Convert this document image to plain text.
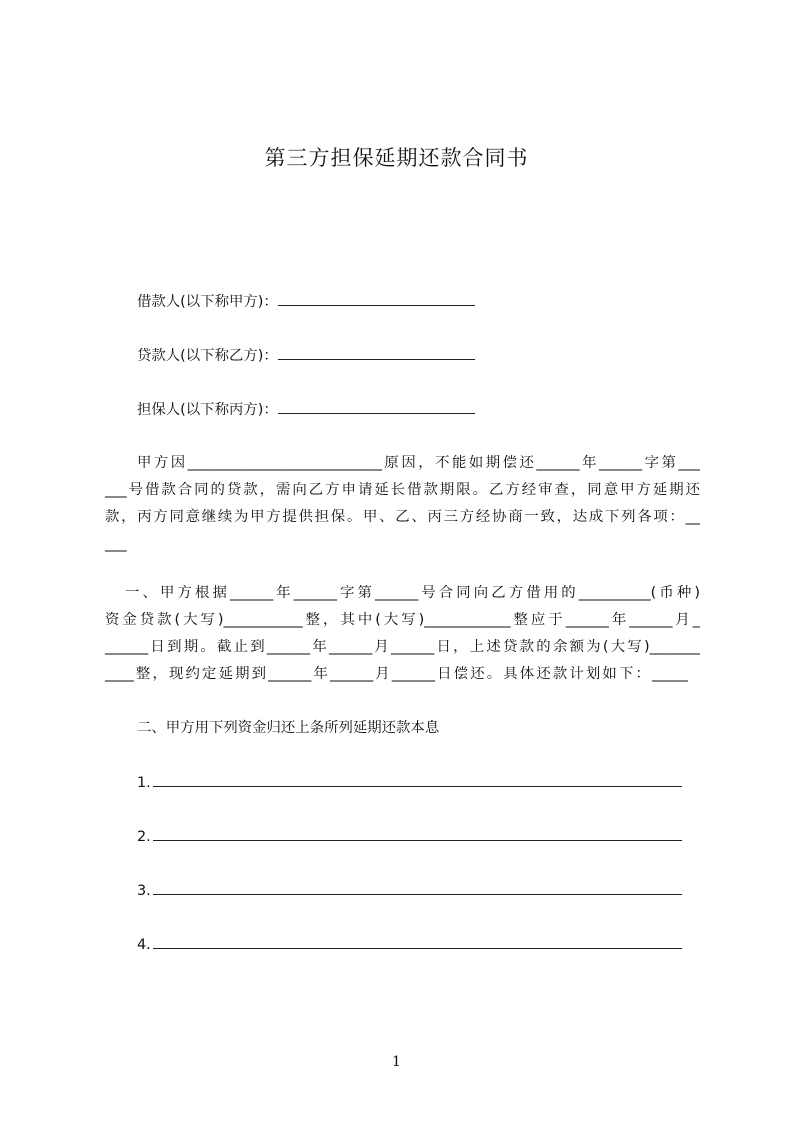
第三方担保延期还款合同书
借款人(以下称甲方)：
贷款人(以下称乙方)：
担保人(以下称丙方)：
甲方因___________________________原因，不能如期偿还______年______字第___
___号借款合同的贷款，需向乙方申请延长借款期限。乙方经审查，同意甲方延期还
款，丙方同意继续为甲方提供担保。甲、乙、丙三方经协商一致，达成下列各项：__
___
一、甲方根据______年______字第______号合同向乙方借用的__________(币种)
资金贷款(大写)___________整，其中(大写)____________整应于______年______月_
______日到期。截止到______年______月______日，上述贷款的余额为(大写)_______
____整，现约定延期到______年______月______日偿还。具体还款计划如下：_____
二、甲方用下列资金归还上条所列延期还款本息
1.
2.
3.
4.
1
